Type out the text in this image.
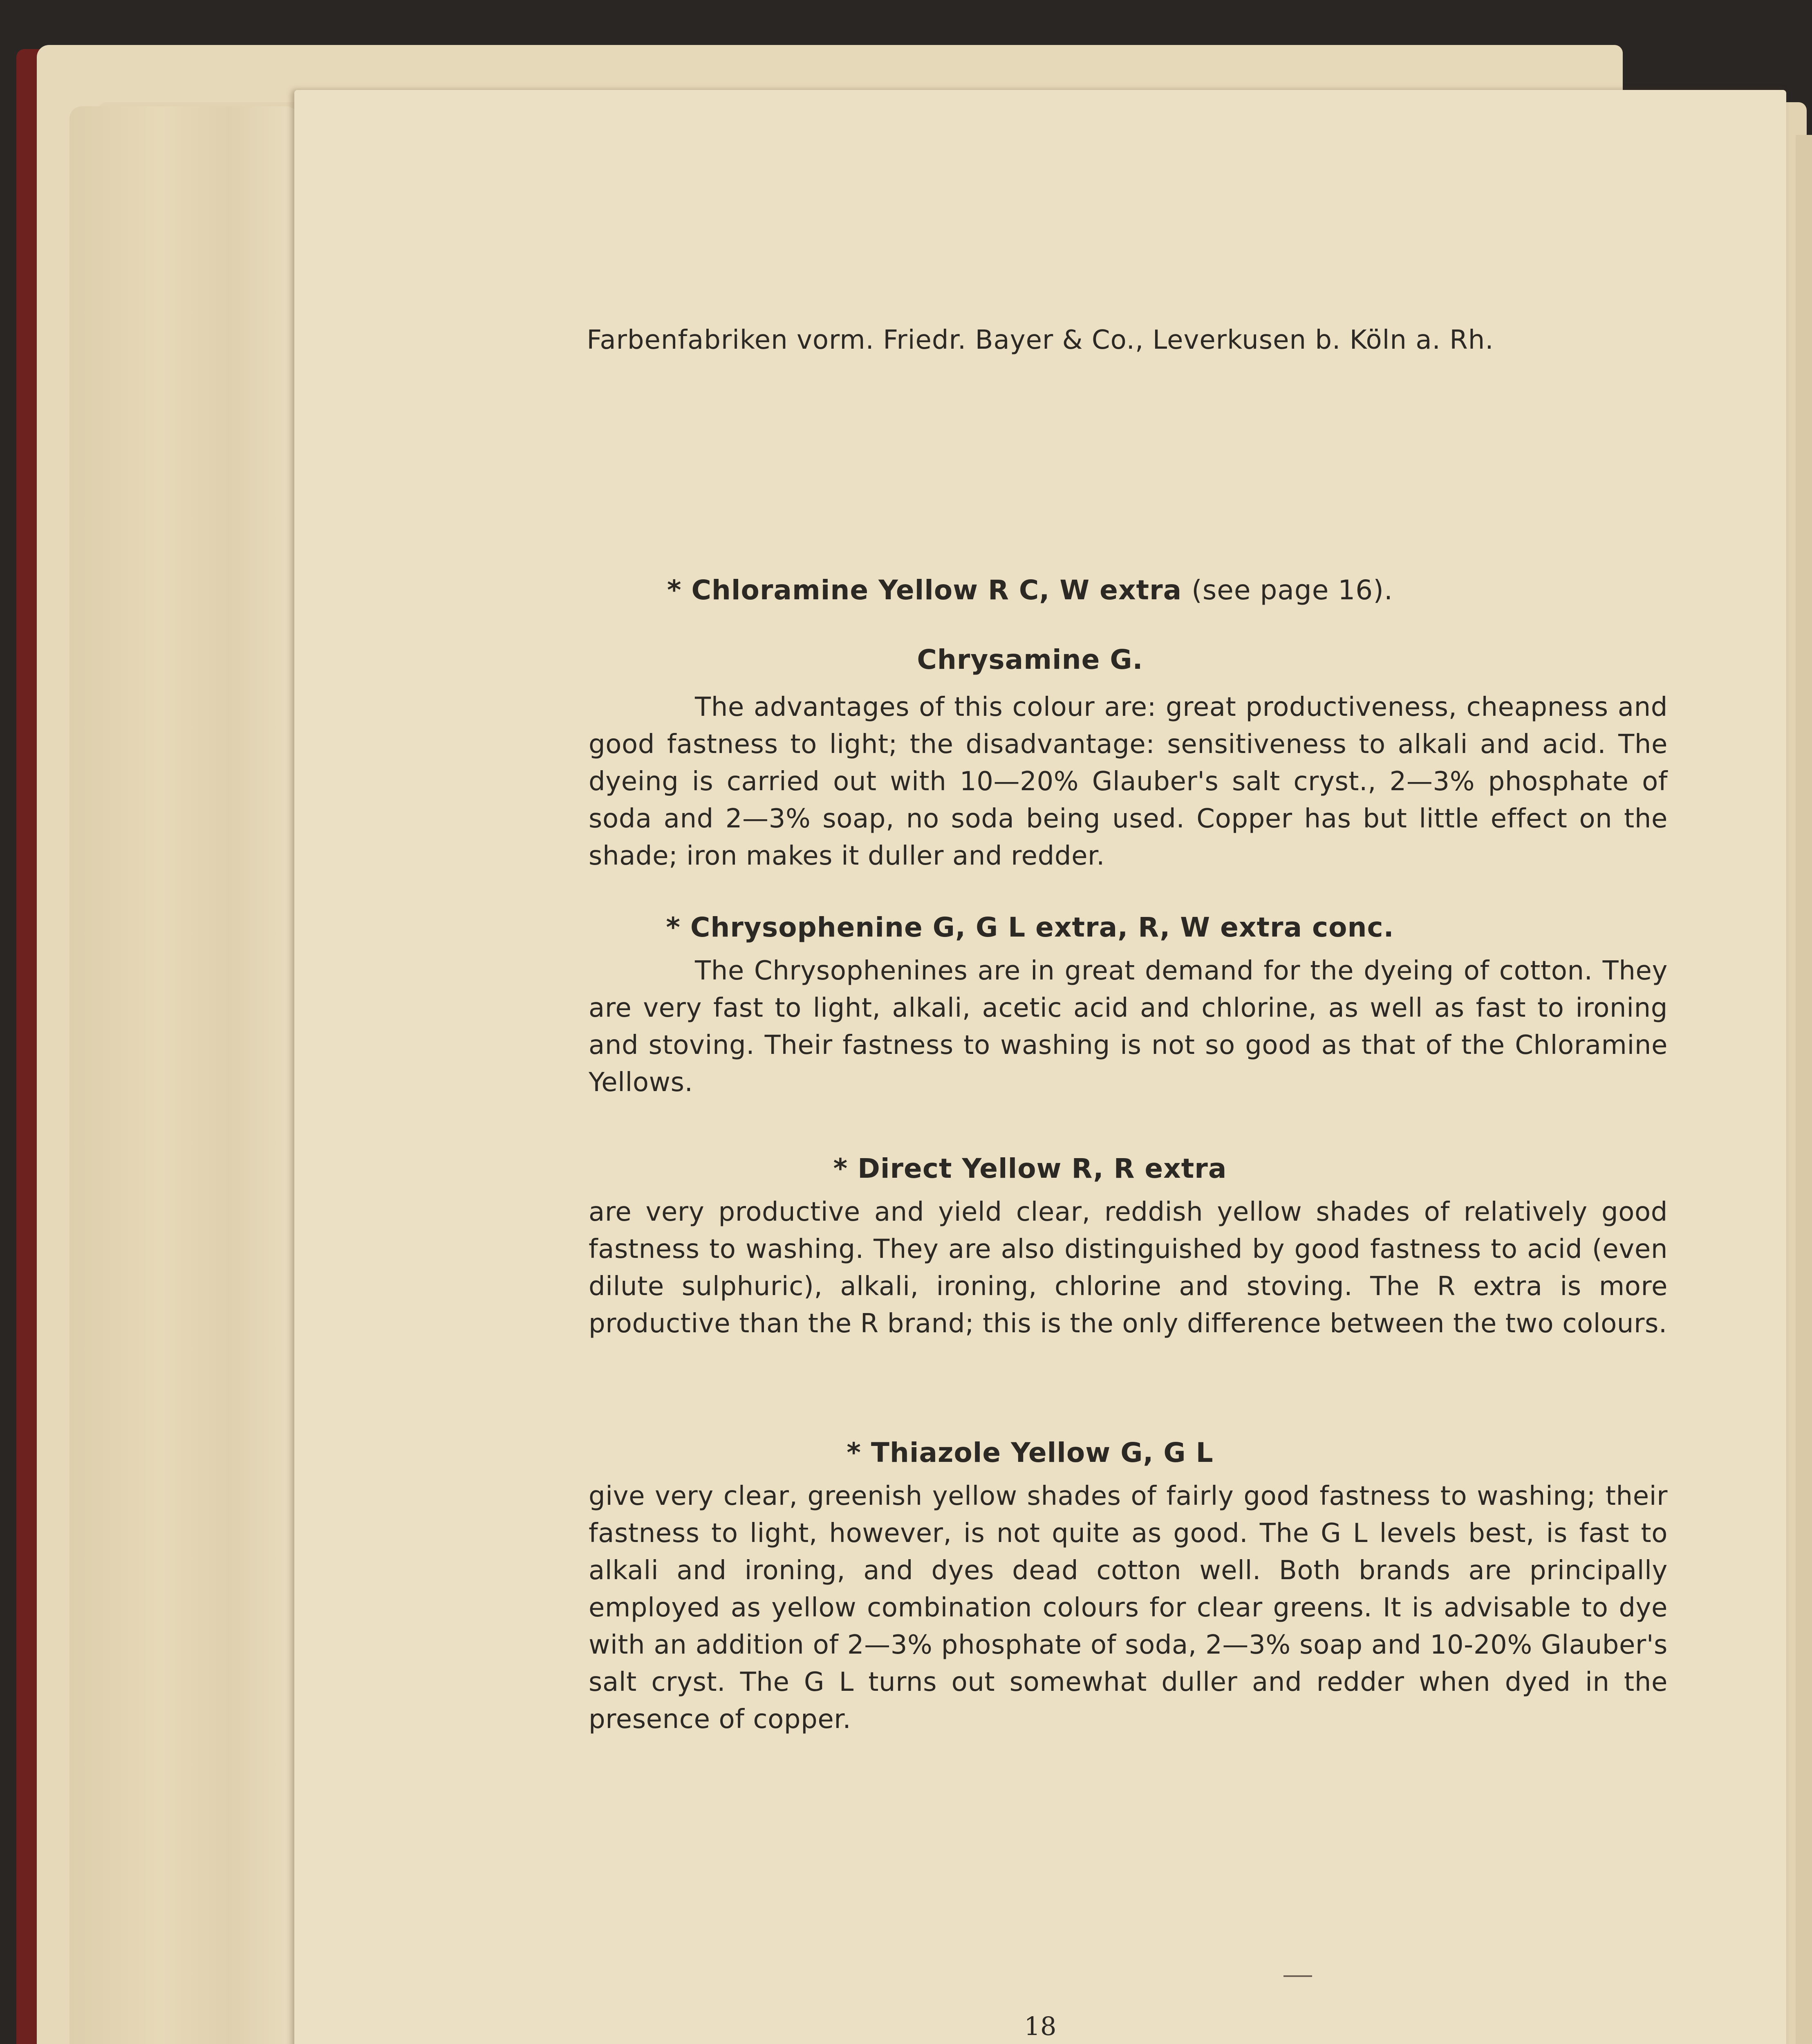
Farbenfabriken vorm. Friedr. Bayer & Co., Leverkusen b. Köln a. Rh.
* Chloramine Yellow R C, W extra (see page 16).
Chrysamine G.
The advantages of this colour are: great productiveness, cheapness and good fastness to light; the disadvantage: sensitiveness to alkali and acid. The dyeing is carried out with 10—20% Glauber's salt cryst., 2—3% phosphate of soda and 2—3% soap, no soda being used. Copper has but little effect on the shade; iron makes it duller and redder.
* Chrysophenine G, G L extra, R, W extra conc.
The Chrysophenines are in great demand for the dyeing of cotton. They are very fast to light, alkali, acetic acid and chlorine, as well as fast to ironing and stoving. Their fastness to washing is not so good as that of the Chloramine Yellows.
* Direct Yellow R, R extra
are very productive and yield clear, reddish yellow shades of relatively good fastness to washing. They are also distinguished by good fastness to acid (even dilute sulphuric), alkali, ironing, chlorine and stoving. The R extra is more productive than the R brand; this is the only difference between the two colours.
* Thiazole Yellow G, G L
give very clear, greenish yellow shades of fairly good fastness to washing; their fastness to light, however, is not quite as good. The G L levels best, is fast to alkali and ironing, and dyes dead cotton well. Both brands are principally employed as yellow combination colours for clear greens. It is advisable to dye with an addition of 2—3% phosphate of soda, 2—3% soap and 10-20% Glauber's salt cryst. The G L turns out somewhat duller and redder when dyed in the presence of copper.
18
